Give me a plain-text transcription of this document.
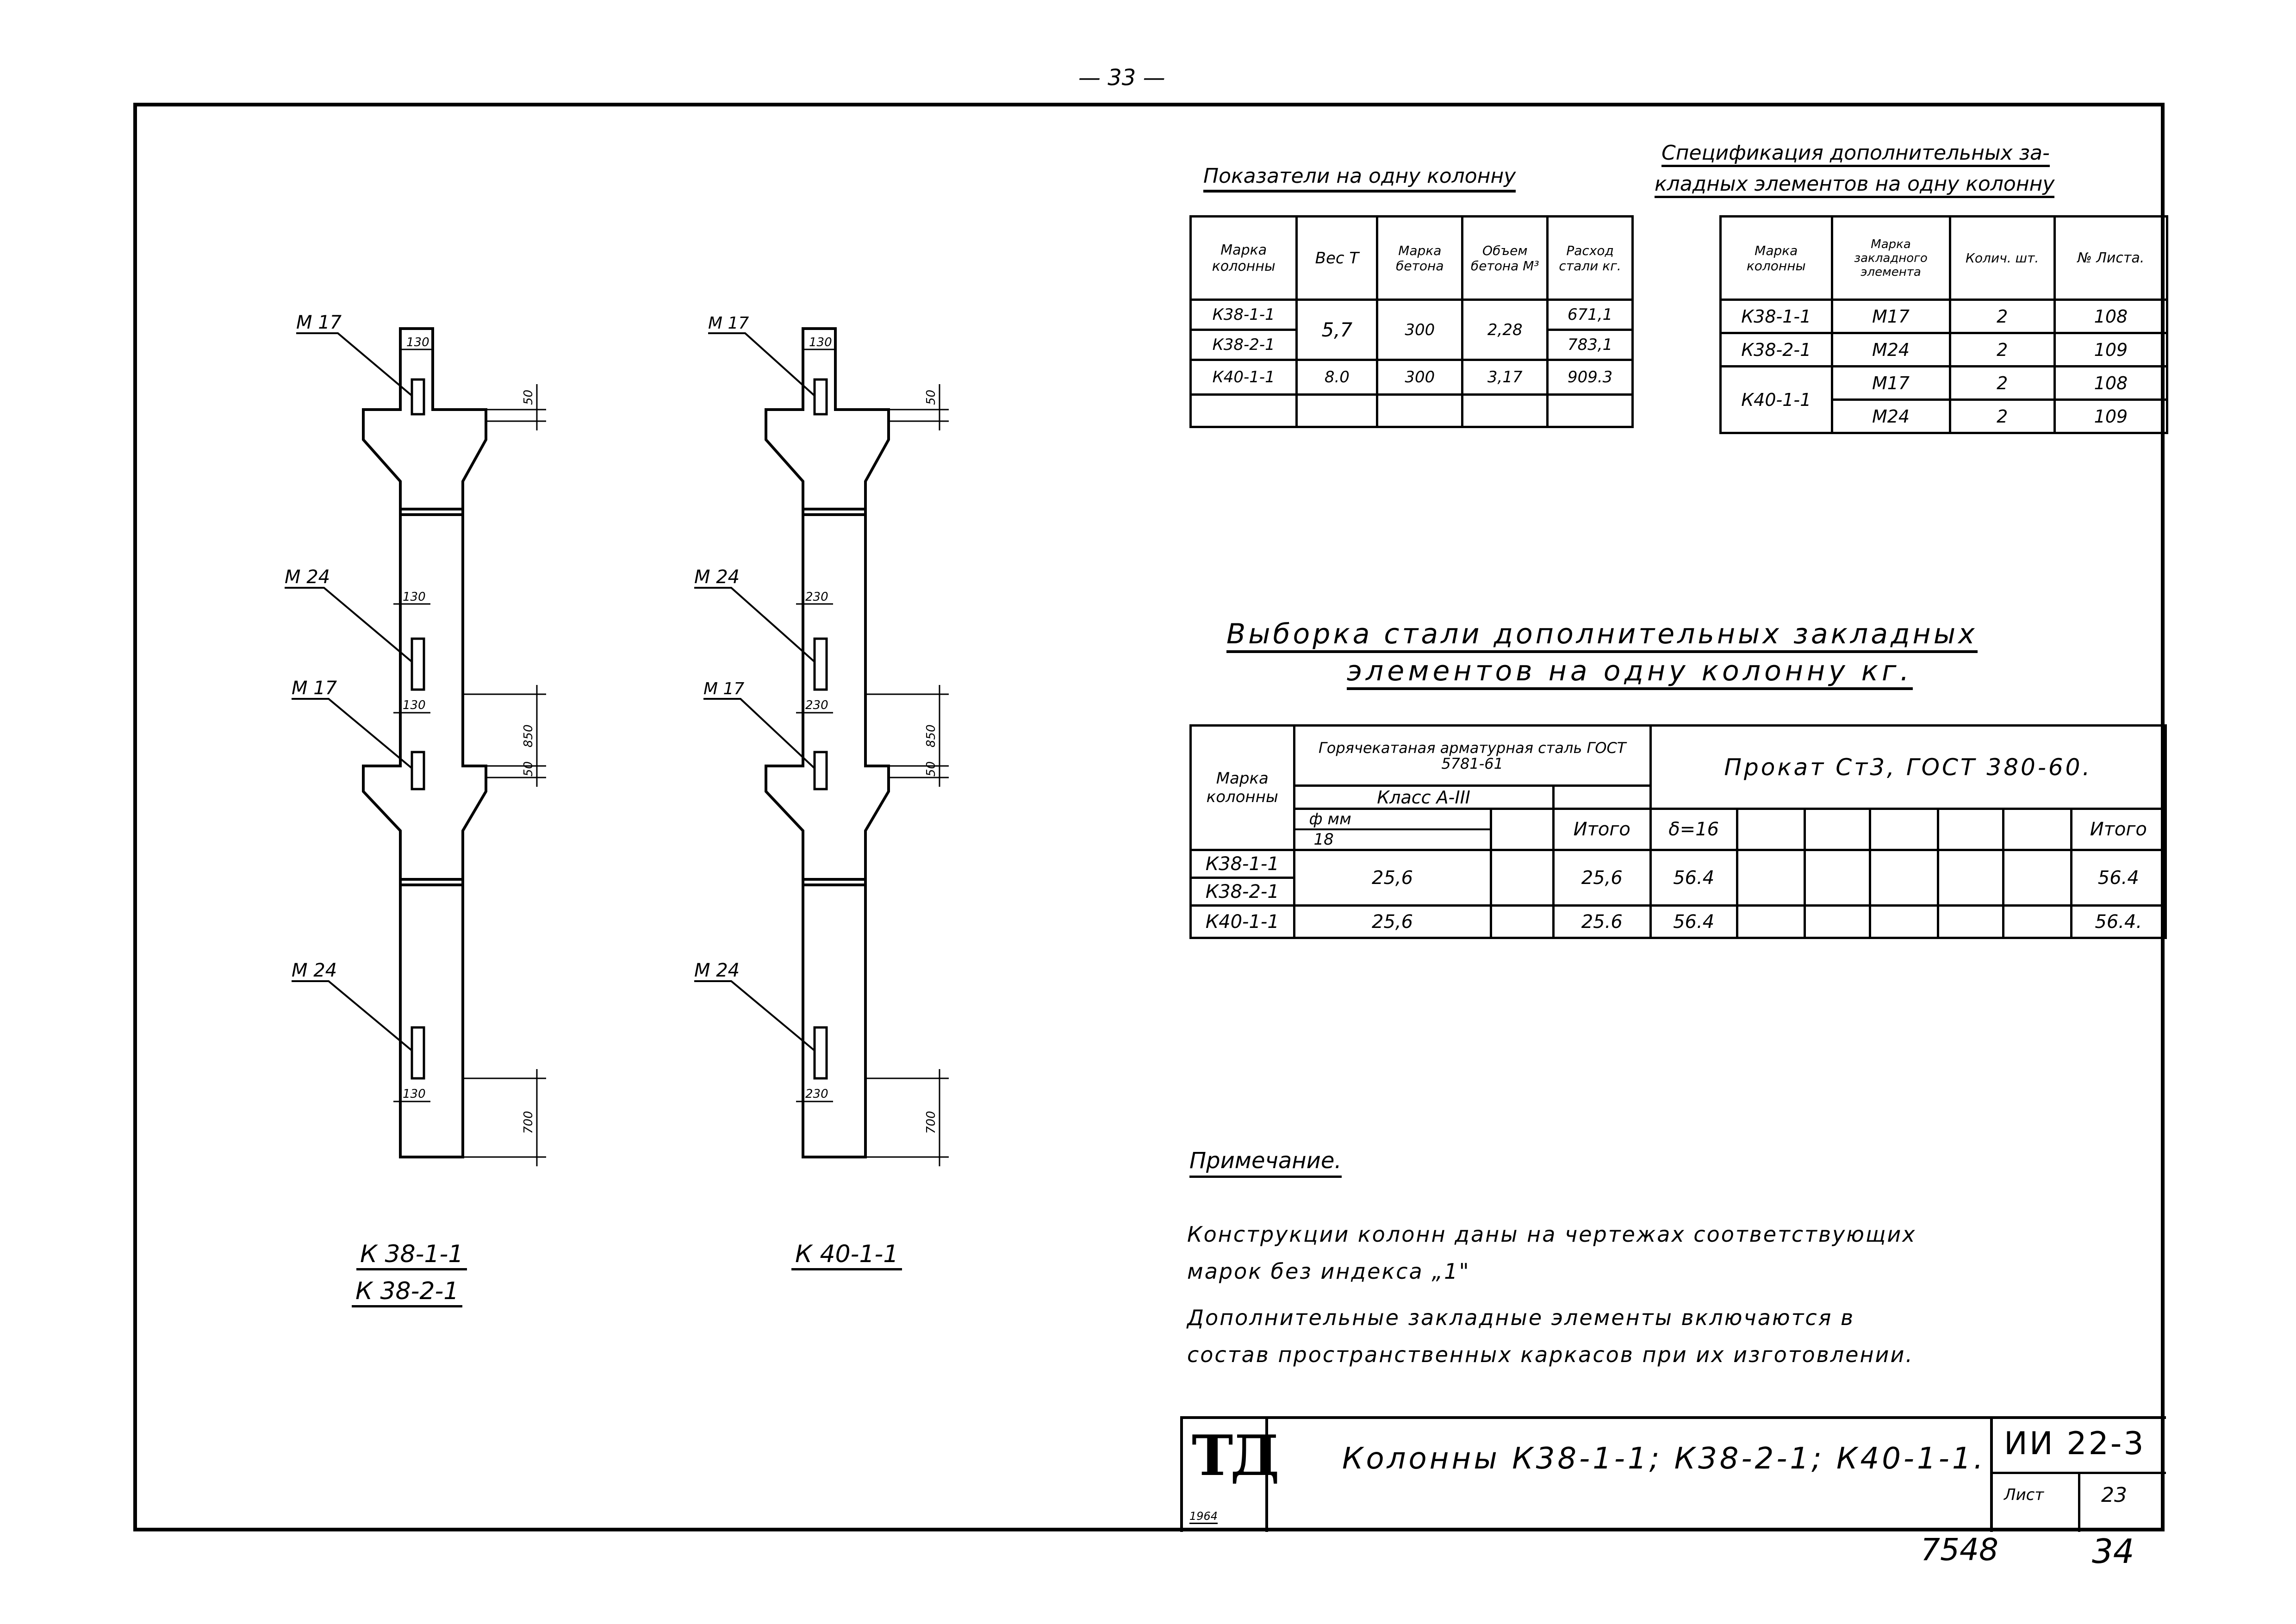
— 33 —
М 17
М 24
М 17
М 24
М 17
М 24
М 17
М 24
130
50
130
130
850
50
130
700
130
50
230
230
850
50
230
700
К 38-1-1
К 38-2-1
К 40-1-1
Показатели на одну колонну
Марка колонны	Вес Т	Марка бетона	Объем бетона М³	Расход стали кг.
К38-1-1	5,7	300	2,28	671,1
К38-2-1				783,1
К40-1-1	8.0	300	3,17	909.3

Спецификация дополнительных за-
кладных элементов на одну колонну
Марка колонны	Марка закладного элемента	Колич. шт.	№ Листа.
К38-1-1	М17	2	108
К38-2-1	М24	2	109
К40-1-1	М17	2	108
	М24	2	109
Выборка стали дополнительных закладных
элементов на одну колонну кг.
Марка колонны	Горячекатаная арматурная сталь ГОСТ 5781-61			Прокат Ст3, ГОСТ 380-60.						
	Класс А-III									

	ф мм
18		Итого	δ=16						Итого
К38-1-1	25,6		25,6	56.4						56.4
К38-2-1										
К40-1-1	25,6		25.6	56.4						56.4.
Примечание.
Конструкции колонн даны на чертежах соответствующих
марок без индекса „1"
Дополнительные закладные элементы включаются в
состав пространственных каркасов при их изготовлении.
ТД
1964
Колонны К38-1-1; К38-2-1; К40-1-1. ИИ 22-3
Лист	23
7548	34
